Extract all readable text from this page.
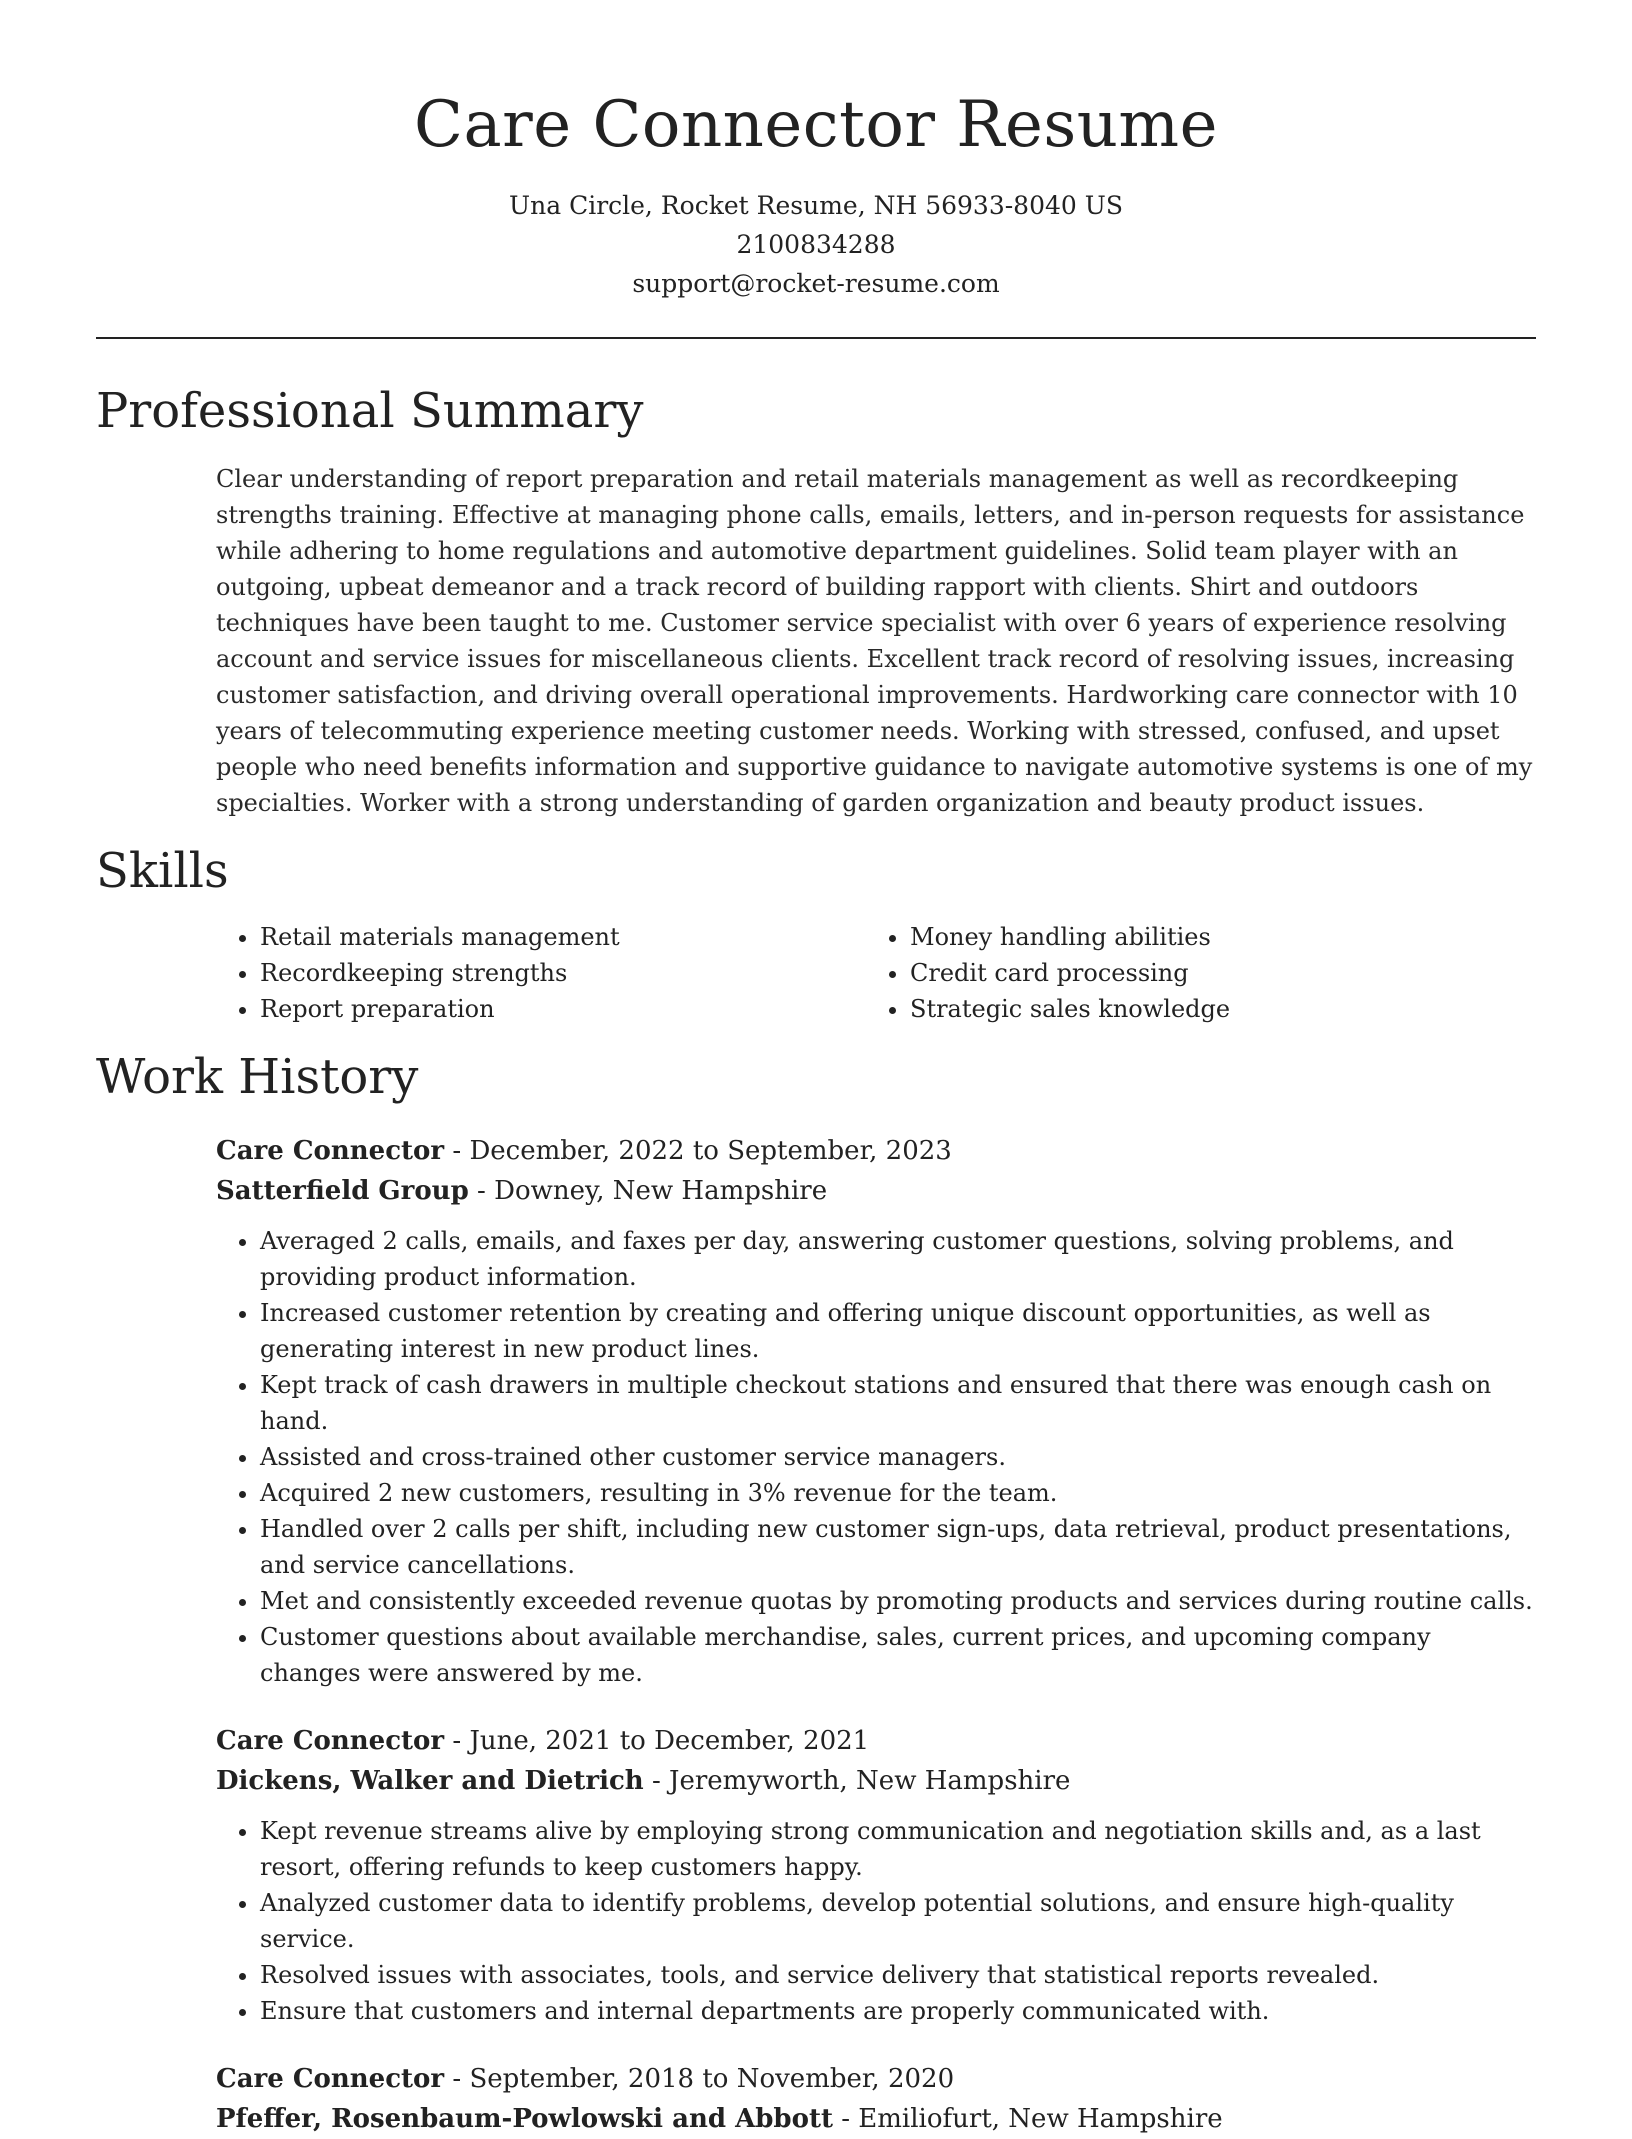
Care Connector Resume
Una Circle, Rocket Resume, NH 56933-8040 US
2100834288
support@rocket-resume.com
Professional Summary
Clear understanding of report preparation and retail materials management as well as recordkeeping strengths training. Effective at managing phone calls, emails, letters, and in-person requests for assistance while adhering to home regulations and automotive department guidelines. Solid team player with an outgoing, upbeat demeanor and a track record of building rapport with clients. Shirt and outdoors techniques have been taught to me. Customer service specialist with over 6 years of experience resolving account and service issues for miscellaneous clients. Excellent track record of resolving issues, increasing customer satisfaction, and driving overall operational improvements. Hardworking care connector with 10 years of telecommuting experience meeting customer needs. Working with stressed, confused, and upset people who need benefits information and supportive guidance to navigate automotive systems is one of my specialties. Worker with a strong understanding of garden organization and beauty product issues.
Skills
• Retail materials management
• Recordkeeping strengths
• Report preparation
• Money handling abilities
• Credit card processing
• Strategic sales knowledge
Work History
Care Connector - December, 2022 to September, 2023
Satterfield Group - Downey, New Hampshire
• Averaged 2 calls, emails, and faxes per day, answering customer questions, solving problems, and providing product information.
• Increased customer retention by creating and offering unique discount opportunities, as well as generating interest in new product lines.
• Kept track of cash drawers in multiple checkout stations and ensured that there was enough cash on hand.
• Assisted and cross-trained other customer service managers.
• Acquired 2 new customers, resulting in 3% revenue for the team.
• Handled over 2 calls per shift, including new customer sign-ups, data retrieval, product presentations, and service cancellations.
• Met and consistently exceeded revenue quotas by promoting products and services during routine calls.
• Customer questions about available merchandise, sales, current prices, and upcoming company changes were answered by me.
Care Connector - June, 2021 to December, 2021
Dickens, Walker and Dietrich - Jeremyworth, New Hampshire
• Kept revenue streams alive by employing strong communication and negotiation skills and, as a last resort, offering refunds to keep customers happy.
• Analyzed customer data to identify problems, develop potential solutions, and ensure high-quality service.
• Resolved issues with associates, tools, and service delivery that statistical reports revealed.
• Ensure that customers and internal departments are properly communicated with.
Care Connector - September, 2018 to November, 2020
Pfeffer, Rosenbaum-Powlowski and Abbott - Emiliofurt, New Hampshire
